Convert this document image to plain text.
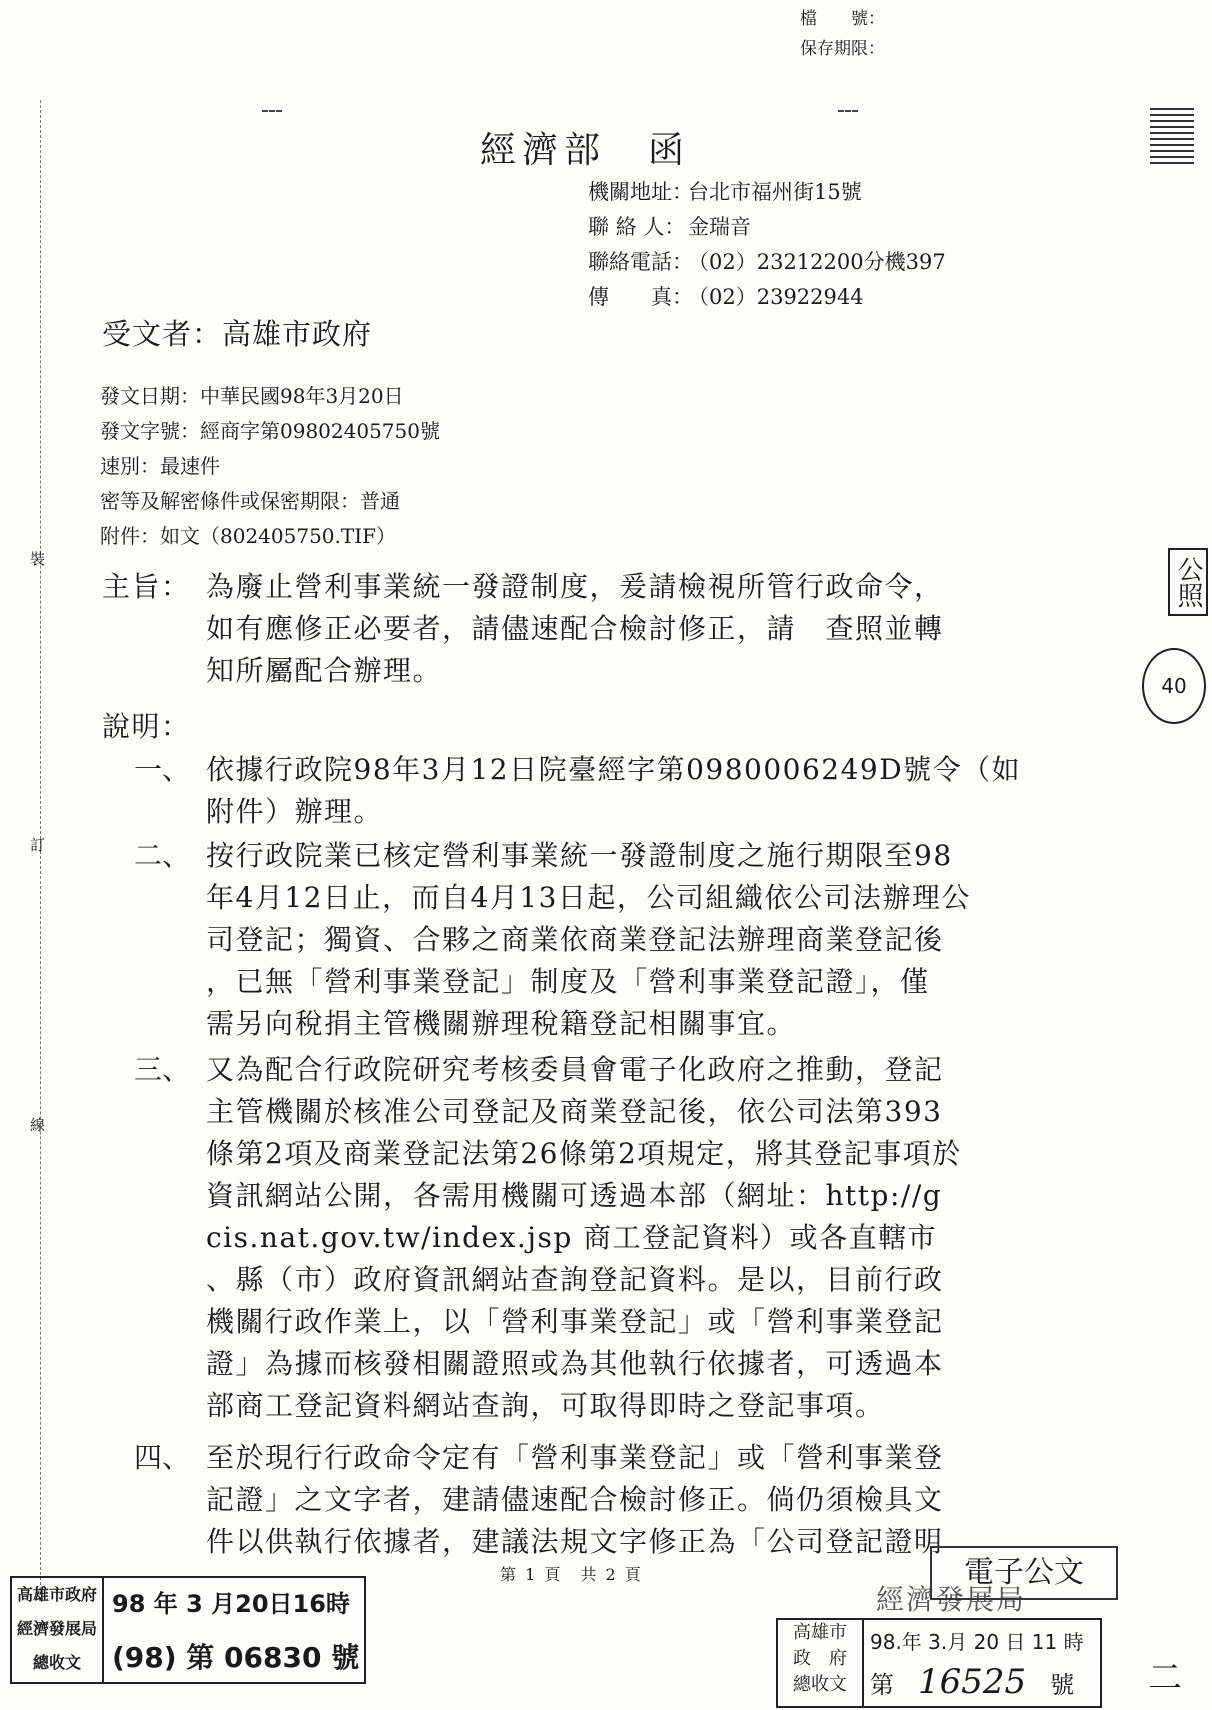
檔　　號：
保存期限：
裝
訂
線
經濟部　函
機關地址：台北市福州街15號
聯 絡 人： 金瑞音
聯絡電話：（02）23212200分機397
傳　　真：（02）23922944
受文者：高雄市政府
發文日期：中華民國98年3月20日
發文字號：經商字第09802405750號
速別：最速件
密等及解密條件或保密期限：普通
附件：如文（802405750.TIF）
主旨： 為廢止營利事業統一發證制度，爰請檢視所管行政命令，
如有應修正必要者，請儘速配合檢討修正，請　查照並轉
知所屬配合辦理。
說明：
一、 依據行政院98年3月12日院臺經字第0980006249D號令（如
附件）辦理。
二、 按行政院業已核定營利事業統一發證制度之施行期限至98
年4月12日止，而自4月13日起，公司組織依公司法辦理公
司登記；獨資、合夥之商業依商業登記法辦理商業登記後
，已無「營利事業登記」制度及「營利事業登記證」，僅
需另向稅捐主管機關辦理稅籍登記相關事宜。
三、 又為配合行政院研究考核委員會電子化政府之推動，登記
主管機關於核准公司登記及商業登記後，依公司法第393
條第2項及商業登記法第26條第2項規定，將其登記事項於
資訊網站公開，各需用機關可透過本部（網址：http://g
cis.nat.gov.tw/index.jsp 商工登記資料）或各直轄市
、縣（市）政府資訊網站查詢登記資料。是以，目前行政
機關行政作業上，以「營利事業登記」或「營利事業登記
證」為據而核發相關證照或為其他執行依據者，可透過本
部商工登記資料網站查詢，可取得即時之登記事項。
四、 至於現行行政命令定有「營利事業登記」或「營利事業登
記證」之文字者，建請儘速配合檢討修正。倘仍須檢具文
件以供執行依據者，建議法規文字修正為「公司登記證明
第 1 頁　共 2 頁
經濟發展局
電子公文
高雄市政府
經濟發展局
總收文
98 年 3 月20日16時
(98) 第 06830 號
高雄市
政　府
總收文
98.年 3.月 20 日 11 時
第　 16525　 號
公照
40
二
